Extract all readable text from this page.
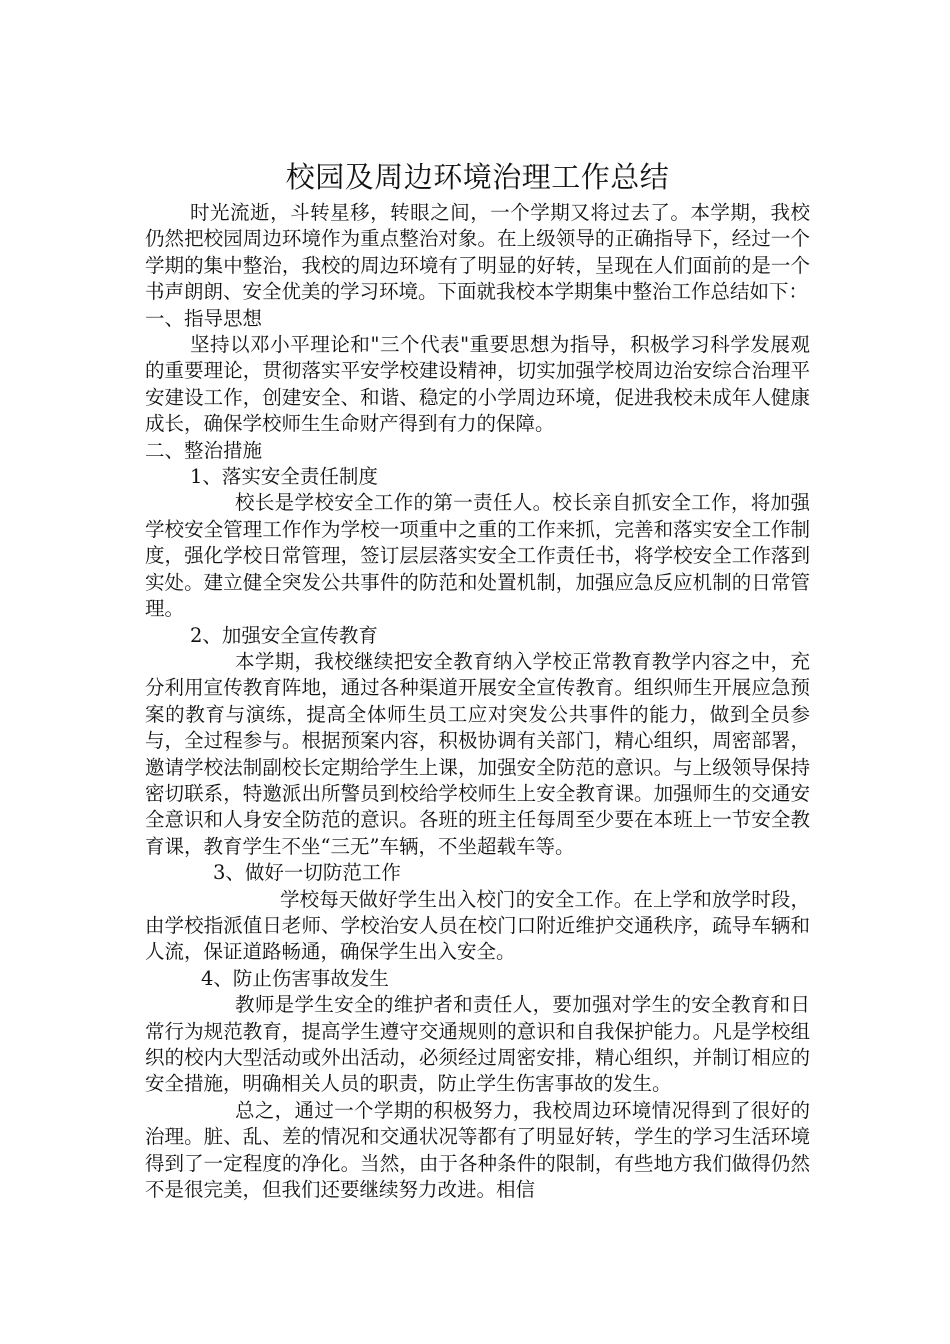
校园及周边环境治理工作总结

时光流逝，斗转星移，转眼之间，一个学期又将过去了。本学期，我校仍然把校园周边环境作为重点整治对象。在上级领导的正确指导下，经过一个学期的集中整治，我校的周边环境有了明显的好转，呈现在人们面前的是一个书声朗朗、安全优美的学习环境。下面就我校本学期集中整治工作总结如下：

一、指导思想

坚持以邓小平理论和"三个代表"重要思想为指导，积极学习科学发展观的重要理论，贯彻落实平安学校建设精神，切实加强学校周边治安综合治理平安建设工作，创建安全、和谐、稳定的小学周边环境，促进我校未成年人健康成长，确保学校师生生命财产得到有力的保障。

二、整治措施

1、落实安全责任制度

校长是学校安全工作的第一责任人。校长亲自抓安全工作，将加强学校安全管理工作作为学校一项重中之重的工作来抓，完善和落实安全工作制度，强化学校日常管理，签订层层落实安全工作责任书，将学校安全工作落到实处。建立健全突发公共事件的防范和处置机制，加强应急反应机制的日常管理。

2、加强安全宣传教育

本学期，我校继续把安全教育纳入学校正常教育教学内容之中，充分利用宣传教育阵地，通过各种渠道开展安全宣传教育。组织师生开展应急预案的教育与演练，提高全体师生员工应对突发公共事件的能力，做到全员参与，全过程参与。根据预案内容，积极协调有关部门，精心组织，周密部署，邀请学校法制副校长定期给学生上课，加强安全防范的意识。与上级领导保持密切联系，特邀派出所警员到校给学校师生上安全教育课。加强师生的交通安全意识和人身安全防范的意识。各班的班主任每周至少要在本班上一节安全教育课，教育学生不坐“三无”车辆，不坐超载车等。

3、做好一切防范工作

学校每天做好学生出入校门的安全工作。在上学和放学时段，由学校指派值日老师、学校治安人员在校门口附近维护交通秩序，疏导车辆和人流，保证道路畅通，确保学生出入安全。

4、防止伤害事故发生

教师是学生安全的维护者和责任人，要加强对学生的安全教育和日常行为规范教育，提高学生遵守交通规则的意识和自我保护能力。凡是学校组织的校内大型活动或外出活动，必须经过周密安排，精心组织，并制订相应的安全措施，明确相关人员的职责，防止学生伤害事故的发生。

总之，通过一个学期的积极努力，我校周边环境情况得到了很好的治理。脏、乱、差的情况和交通状况等都有了明显好转，学生的学习生活环境得到了一定程度的净化。当然，由于各种条件的限制，有些地方我们做得仍然不是很完美，但我们还要继续努力改进。相信
